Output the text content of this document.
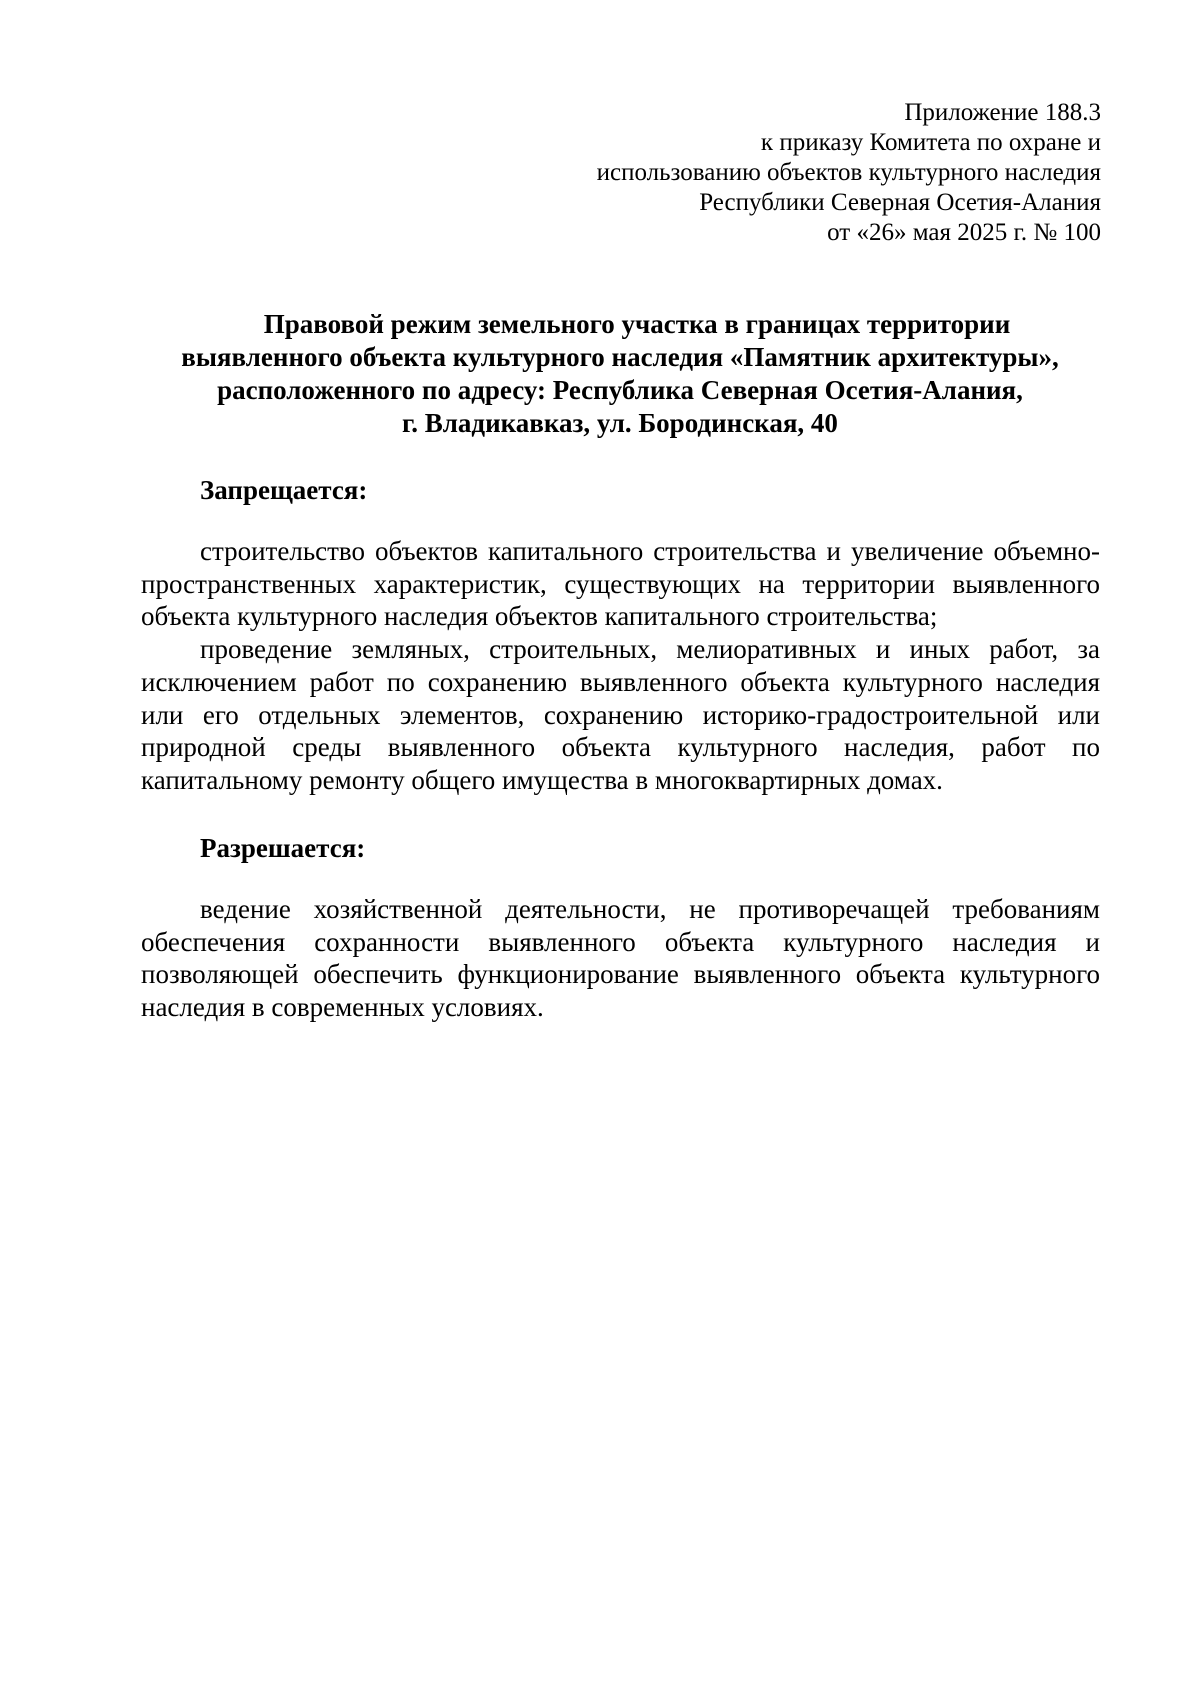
Приложение 188.3
к приказу Комитета по охране и
использованию объектов культурного наследия
Республики Северная Осетия-Алания
от «26» мая 2025 г. № 100
Правовой режим земельного участка в границах территории
выявленного объекта культурного наследия «Памятник архитектуры»,
расположенного по адресу: Республика Северная Осетия-Алания,
г. Владикавказ, ул. Бородинская, 40
Запрещается:

строительство объектов капитального строительства и увеличение объемно-пространственных характеристик, существующих на территории выявленного объекта культурного наследия объектов капитального строительства;

проведение земляных, строительных, мелиоративных и иных работ, за исключением работ по сохранению выявленного объекта культурного наследия или его отдельных элементов, сохранению историко-градостроительной или природной среды выявленного объекта культурного наследия, работ по капитальному ремонту общего имущества в многоквартирных домах.

Разрешается:

ведение хозяйственной деятельности, не противоречащей требованиям обеспечения сохранности выявленного объекта культурного наследия и позволяющей обеспечить функционирование выявленного объекта культурного наследия в современных условиях.
